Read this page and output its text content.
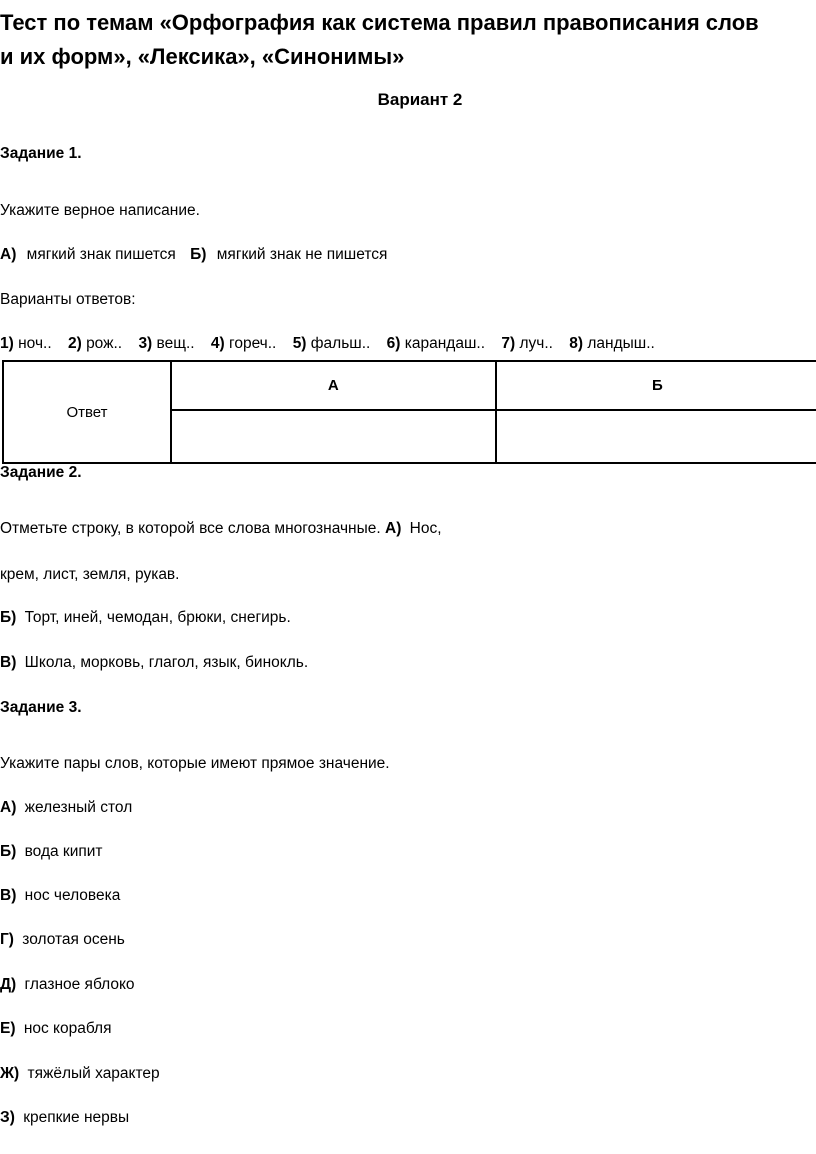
Тест по темам «Орфография как система правил правописания слов
и их форм», «Лексика», «Синонимы»
Вариант 2
Задание 1.
Укажите верное написание.
А) мягкий знак пишется Б) мягкий знак не пишется
Варианты ответов:
1) ноч.. 2) рож.. 3) вещ.. 4) гореч.. 5) фальш.. 6) карандаш.. 7) луч.. 8) ландыш..
Ответ	А	Б

Задание 2.
Отметьте строку, в которой все слова многозначные. А) Нос,
крем, лист, земля, рукав.
Б) Торт, иней, чемодан, брюки, снегирь.
В) Школа, морковь, глагол, язык, бинокль.
Задание 3.
Укажите пары слов, которые имеют прямое значение.
А) железный стол
Б) вода кипит
В) нос человека
Г) золотая осень
Д) глазное яблоко
Е) нос корабля
Ж) тяжёлый характер
З) крепкие нервы
